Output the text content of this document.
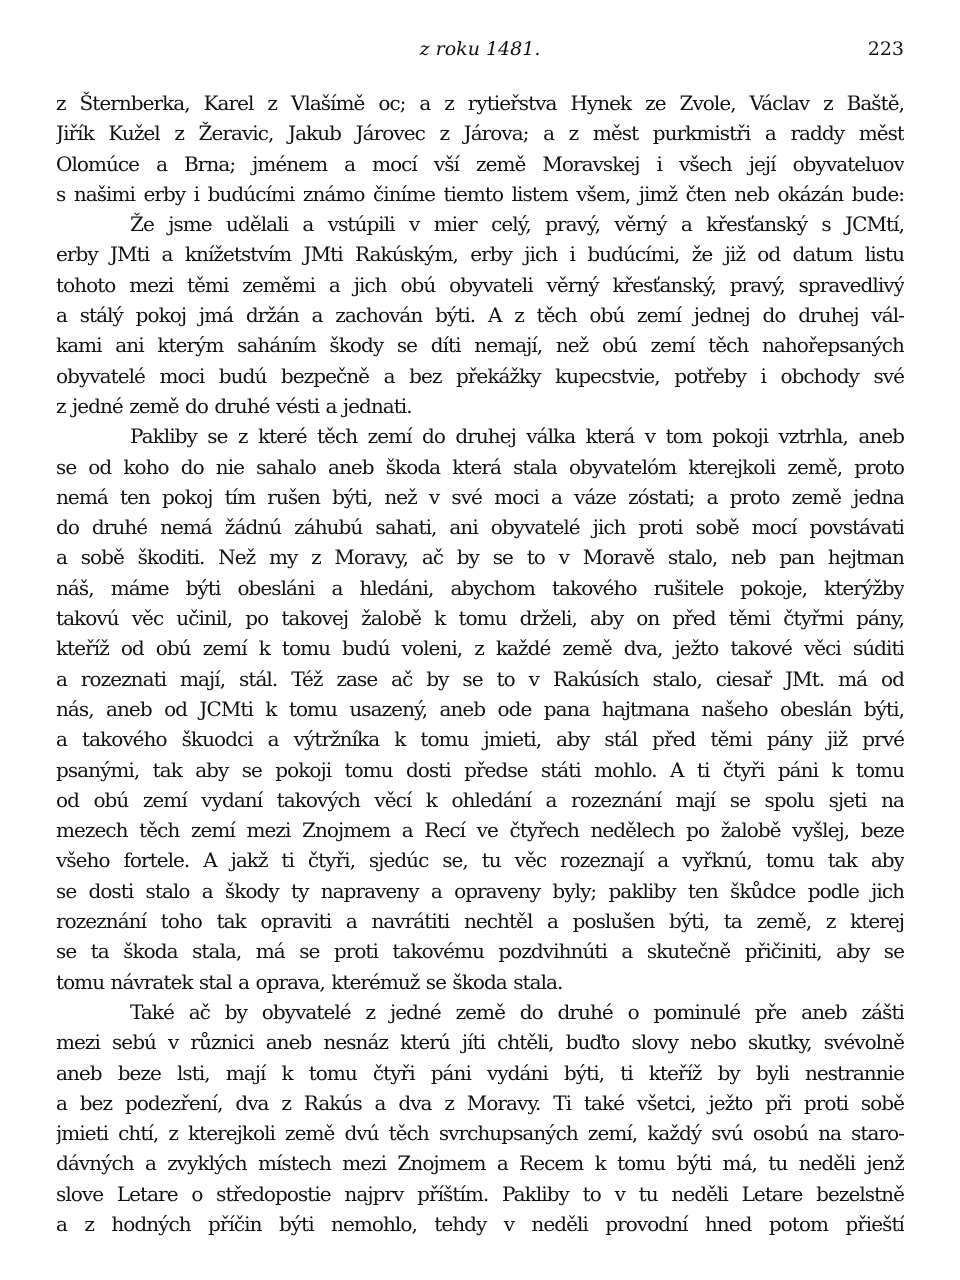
z roku 1481.	223
z Šternberka, Karel z Vlašímě oc; a z rytieřstva Hynek ze Zvole, Václav z Baště,
Jiřík Kužel z Žeravic, Jakub Járovec z Járova; a z měst purkmistři a raddy měst
Olomúce a Brna; jménem a mocí vší země Moravskej i všech její obyvateluov
s našimi erby i budúcími známo činíme tiemto listem všem, jimž čten neb okázán bude:
Že jsme udělali a vstúpili v mier celý, pravý, věrný a křesťanský s JCMtí,
erby JMti a knížetstvím JMti Rakúským, erby jich i budúcími, že již od datum listu
tohoto mezi těmi zeměmi a jich obú obyvateli věrný křesťanský, pravý, spravedlivý
a stálý pokoj jmá držán a zachován býti. A z těch obú zemí jednej do druhej vál-
kami ani kterým saháním škody se díti nemají, než obú zemí těch nahořepsaných
obyvatelé moci budú bezpečně a bez překážky kupecstvie, potřeby i obchody své
z jedné země do druhé vésti a jednati.
Pakliby se z které těch zemí do druhej válka která v tom pokoji vztrhla, aneb
se od koho do nie sahalo aneb škoda která stala obyvatelóm kterejkoli země, proto
nemá ten pokoj tím rušen býti, než v své moci a váze zóstati; a proto země jedna
do druhé nemá žádnú záhubú sahati, ani obyvatelé jich proti sobě mocí povstávati
a sobě škoditi. Než my z Moravy, ač by se to v Moravě stalo, neb pan hejtman
náš, máme býti obesláni a hledáni, abychom takového rušitele pokoje, kterýžby
takovú věc učinil, po takovej žalobě k tomu drželi, aby on před těmi čtyřmi pány,
kteříž od obú zemí k tomu budú voleni, z každé země dva, ježto takové věci súditi
a rozeznati mají, stál. Též zase ač by se to v Rakúsích stalo, ciesař JMt. má od
nás, aneb od JCMti k tomu usazený, aneb ode pana hajtmana našeho obeslán býti,
a takového škuodci a výtržníka k tomu jmieti, aby stál před těmi pány již prvé
psanými, tak aby se pokoji tomu dosti předse státi mohlo. A ti čtyři páni k tomu
od obú zemí vydaní takových věcí k ohledání a rozeznání mají se spolu sjeti na
mezech těch zemí mezi Znojmem a Recí ve čtyřech nedělech po žalobě vyšlej, beze
všeho fortele. A jakž ti čtyři, sjedúc se, tu věc rozeznají a vyřknú, tomu tak aby
se dosti stalo a škody ty napraveny a opraveny byly; pakliby ten škůdce podle jich
rozeznání toho tak opraviti a navrátiti nechtěl a poslušen býti, ta země, z kterej
se ta škoda stala, má se proti takovému pozdvihnúti a skutečně přičiniti, aby se
tomu návratek stal a oprava, kterémuž se škoda stala.
Také ač by obyvatelé z jedné země do druhé o pominulé pře aneb zášti
mezi sebú v různici aneb nesnáz kterú jíti chtěli, buďto slovy nebo skutky, svévolně
aneb beze lsti, mají k tomu čtyři páni vydáni býti, ti kteříž by byli nestrannie
a bez podezření, dva z Rakús a dva z Moravy. Ti také všetci, ježto při proti sobě
jmieti chtí, z kterejkoli země dvú těch svrchupsaných zemí, každý svú osobú na staro-
dávných a zvyklých místech mezi Znojmem a Recem k tomu býti má, tu neděli jenž
slove Letare o středopostie najprv příštím. Pakliby to v tu neděli Letare bezelstně
a z hodných příčin býti nemohlo, tehdy v neděli provodní hned potom přieští
